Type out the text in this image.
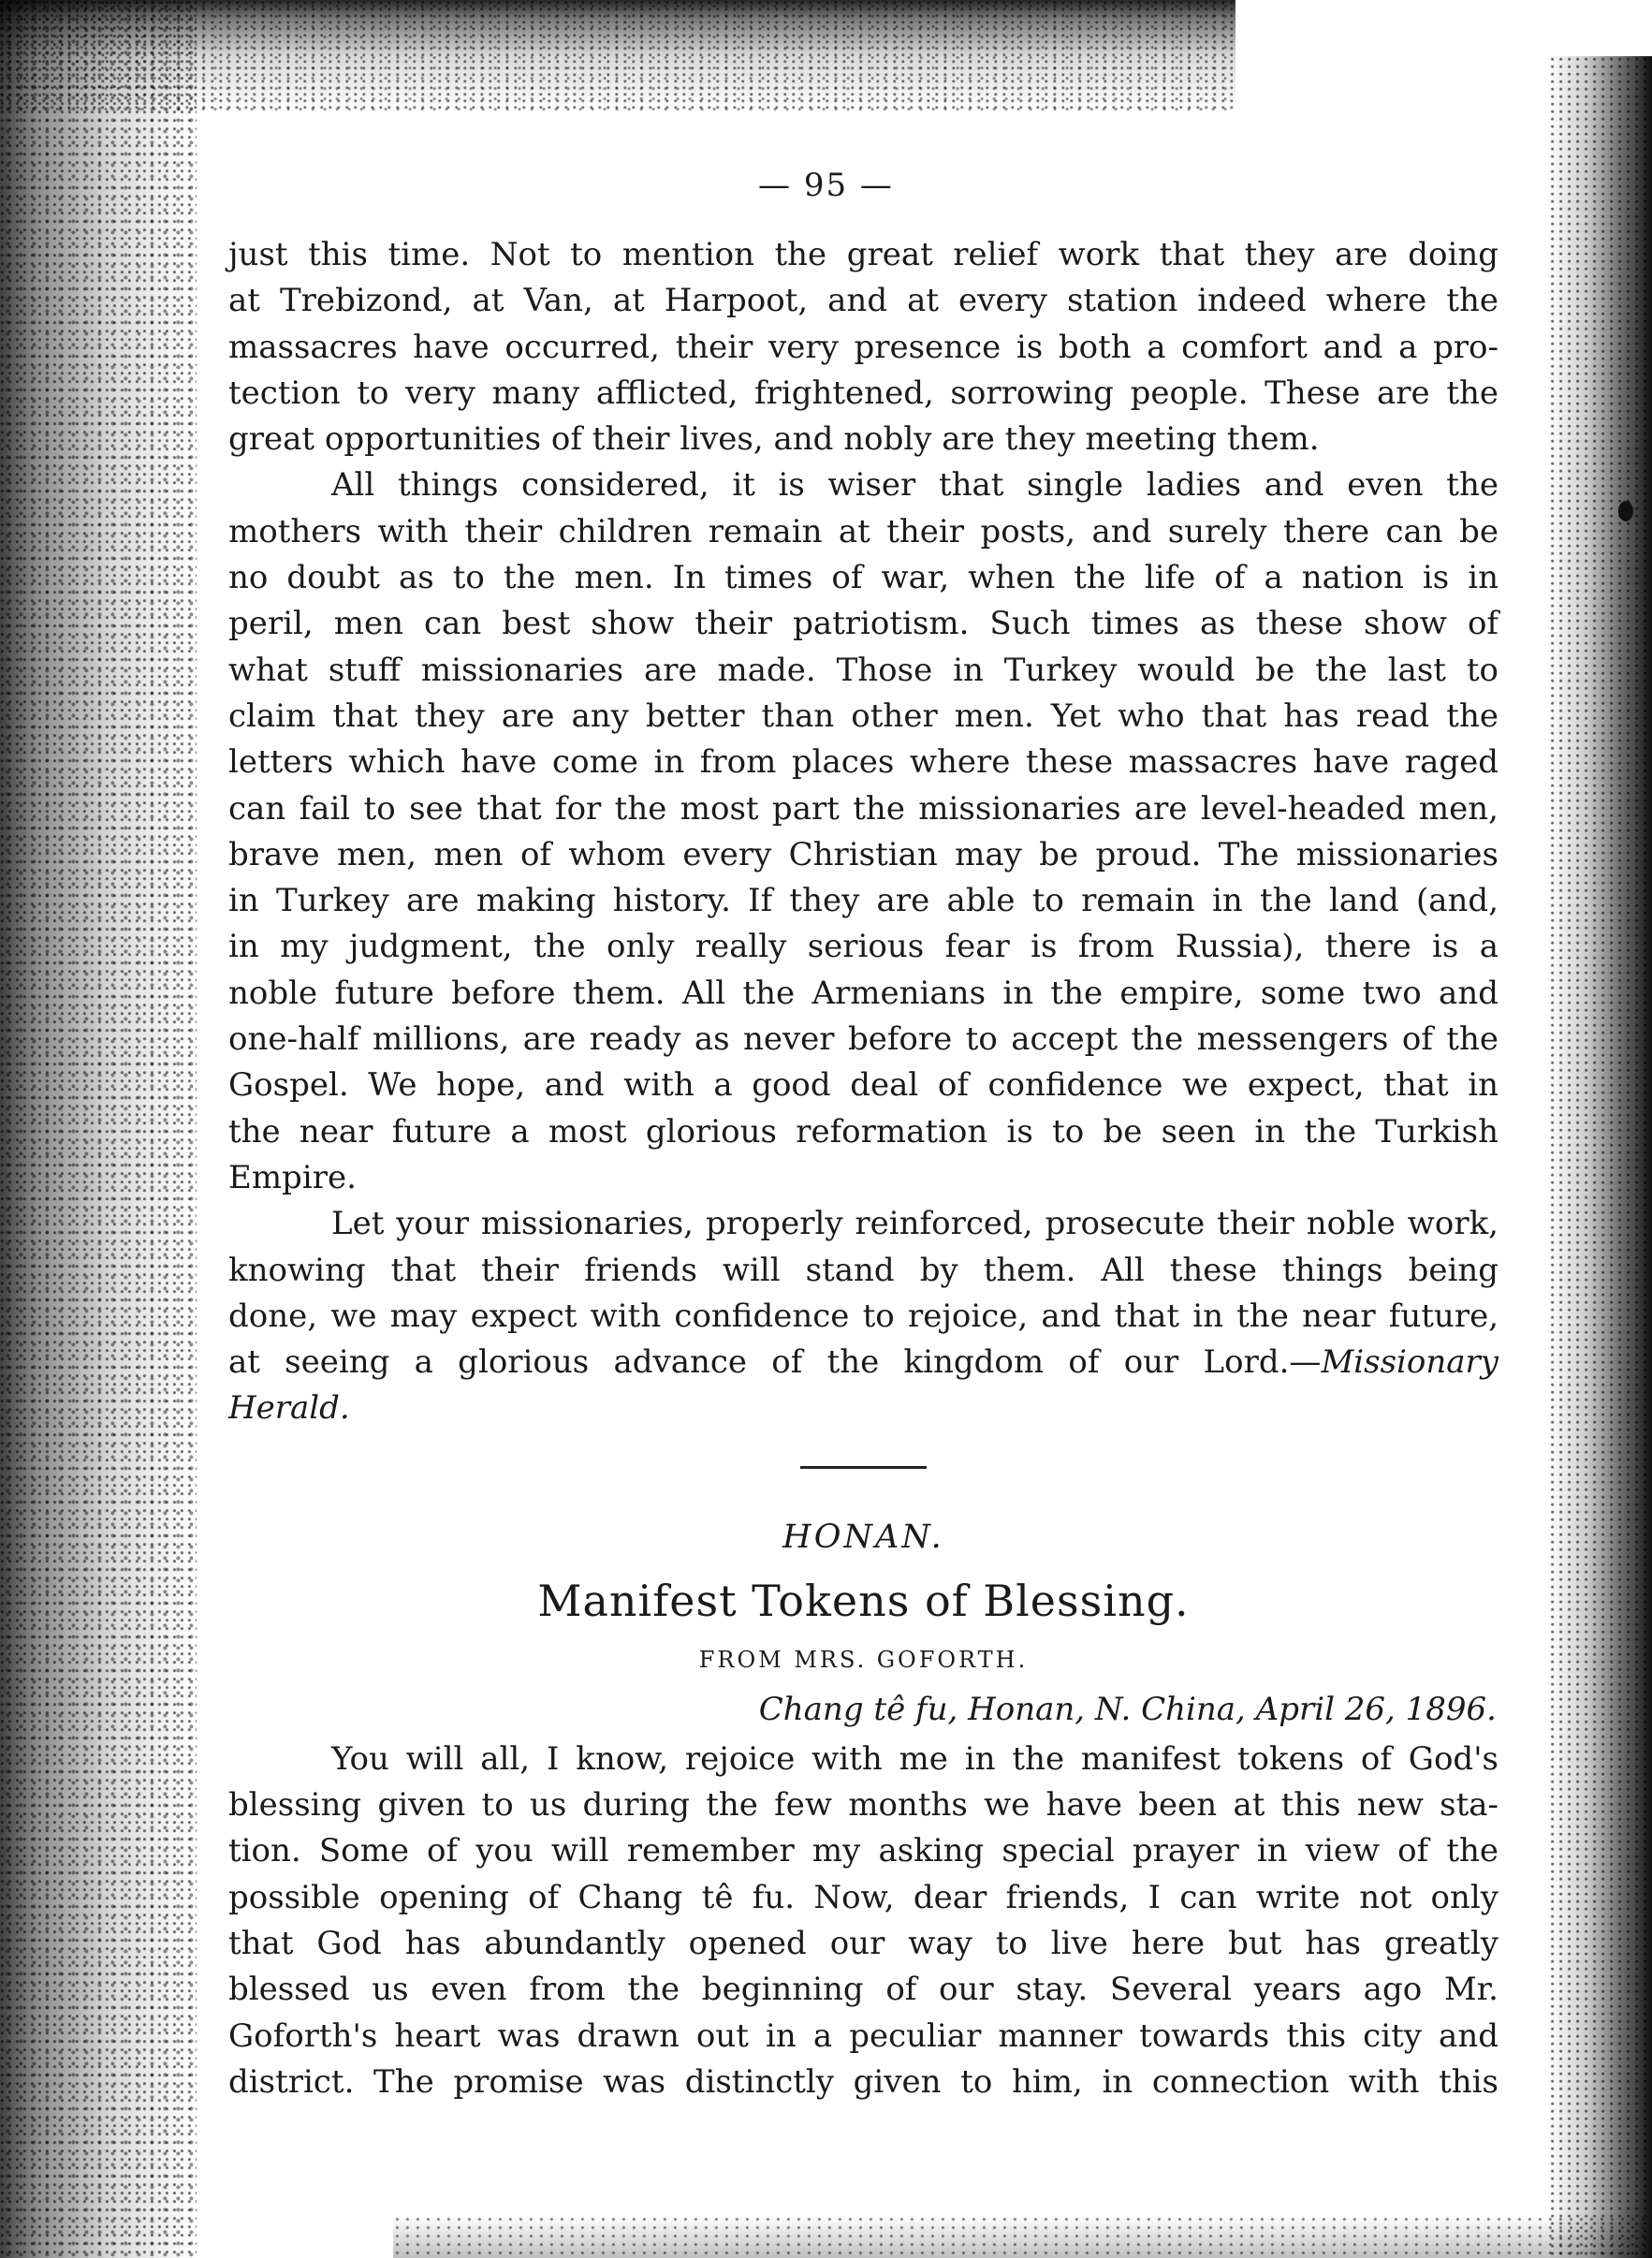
— 95 —

just this time. Not to mention the great relief work that they are doing

at Trebizond, at Van, at Harpoot, and at every station indeed where the

massacres have occurred, their very presence is both a comfort and a pro-

tection to very many afflicted, frightened, sorrowing people. These are the

great opportunities of their lives, and nobly are they meeting them.

All things considered, it is wiser that single ladies and even the

mothers with their children remain at their posts, and surely there can be

no doubt as to the men. In times of war, when the life of a nation is in

peril, men can best show their patriotism. Such times as these show of

what stuff missionaries are made. Those in Turkey would be the last to

claim that they are any better than other men. Yet who that has read the

letters which have come in from places where these massacres have raged

can fail to see that for the most part the missionaries are level-headed men,

brave men, men of whom every Christian may be proud. The missionaries

in Turkey are making history. If they are able to remain in the land (and,

in my judgment, the only really serious fear is from Russia), there is a

noble future before them. All the Armenians in the empire, some two and

one-half millions, are ready as never before to accept the messengers of the

Gospel. We hope, and with a good deal of confidence we expect, that in

the near future a most glorious reformation is to be seen in the Turkish

Empire.

Let your missionaries, properly reinforced, prosecute their noble work,

knowing that their friends will stand by them. All these things being

done, we may expect with confidence to rejoice, and that in the near future,

at seeing a glorious advance of the kingdom of our Lord.—Missionary

Herald.

HONAN.
Manifest Tokens of Blessing.
FROM MRS. GOFORTH.
Chang tê fu, Honan, N. China, April 26, 1896.

You will all, I know, rejoice with me in the manifest tokens of God's

blessing given to us during the few months we have been at this new sta-

tion. Some of you will remember my asking special prayer in view of the

possible opening of Chang tê fu. Now, dear friends, I can write not only

that God has abundantly opened our way to live here but has greatly

blessed us even from the beginning of our stay. Several years ago Mr.

Goforth's heart was drawn out in a peculiar manner towards this city and

district. The promise was distinctly given to him, in connection with this
